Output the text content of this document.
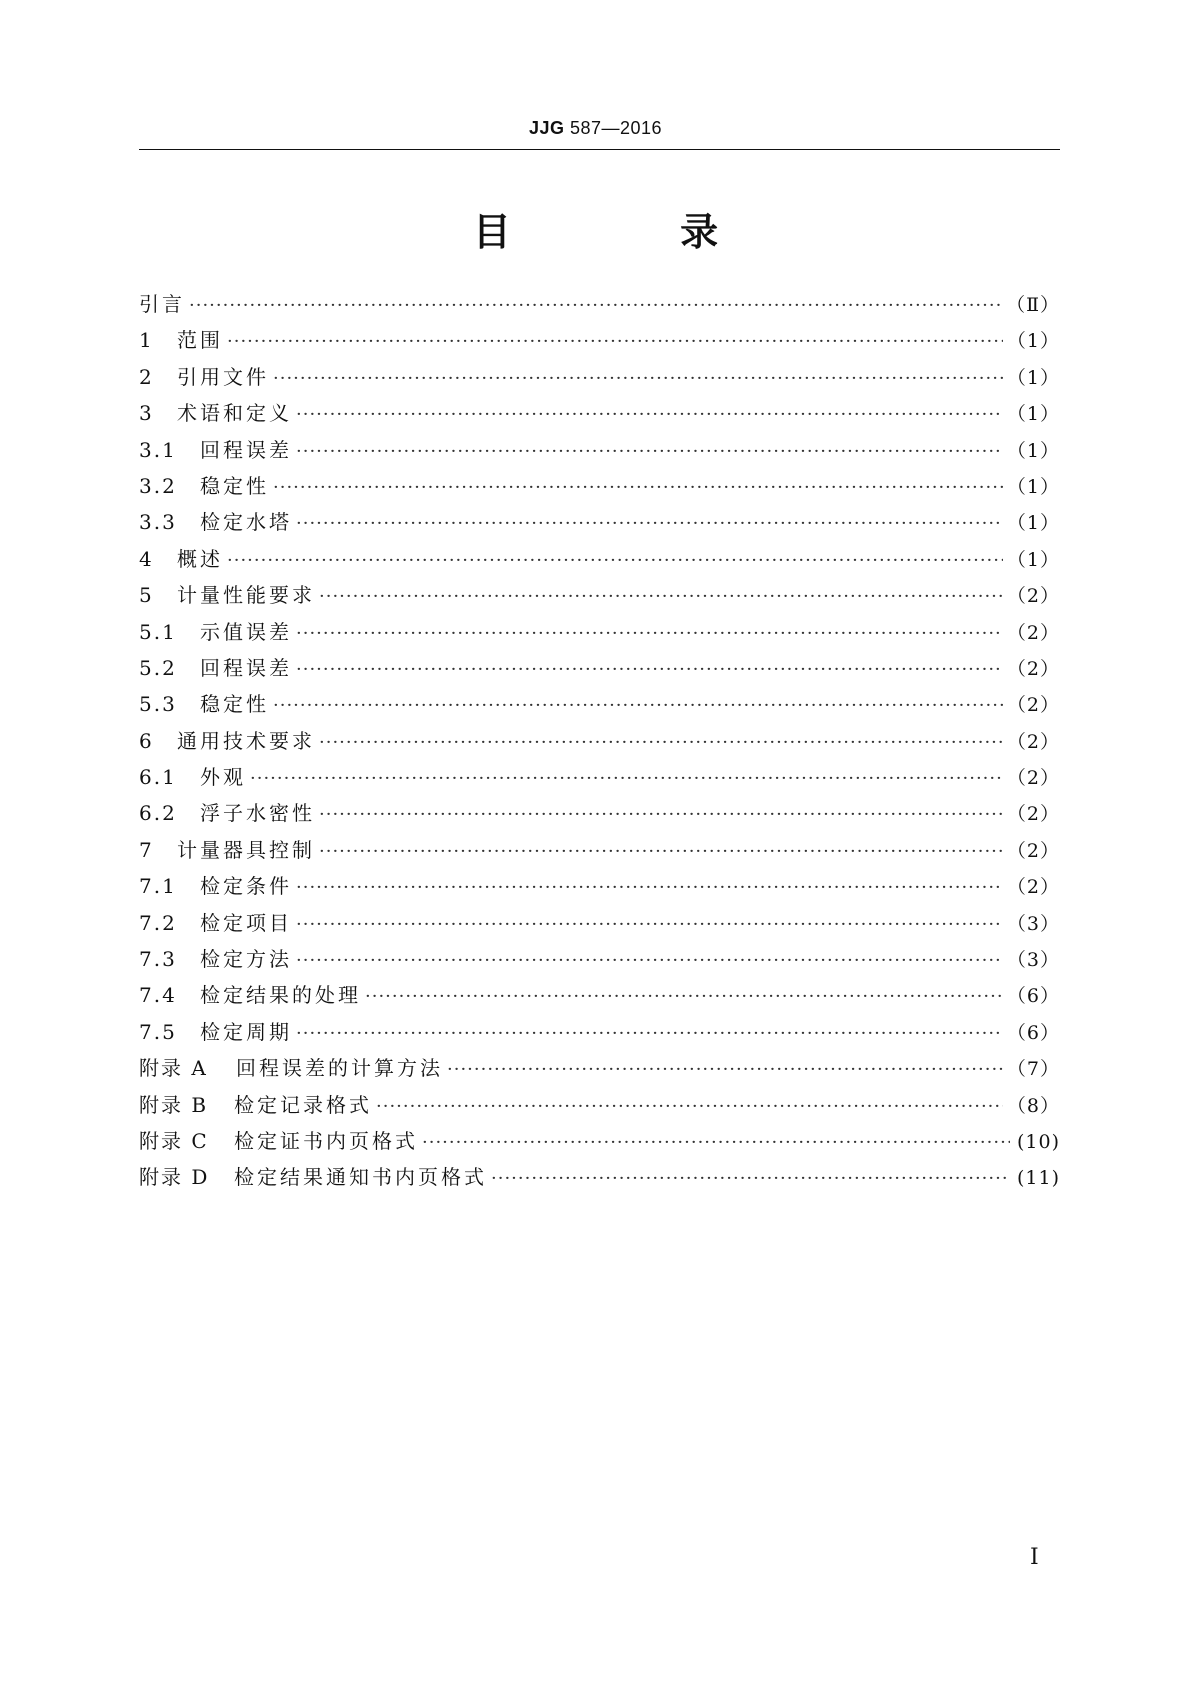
JJG 587—2016
目 录
引言 ·····	（Ⅱ）
1	范围 ·····	（1）
2	引用文件 ·····	（1）
3	术语和定义 ·····	（1）
3.1	回程误差 ·····	（1）
3.2	稳定性 ·····	（1）
3.3	检定水塔 ·····	（1）
4	概述 ·····	（1）
5	计量性能要求 ·····	（2）
5.1	示值误差 ·····	（2）
5.2	回程误差 ·····	（2）
5.3	稳定性 ·····	（2）
6	通用技术要求 ·····	（2）
6.1	外观 ·····	（2）
6.2	浮子水密性 ·····	（2）
7	计量器具控制 ·····	（2）
7.1	检定条件 ·····	（2）
7.2	检定项目 ·····	（3）
7.3	检定方法 ·····	（3）
7.4	检定结果的处理 ·····	（6）
7.5	检定周期 ·····	（6）
附录 A	回程误差的计算方法 ·····	（7）
附录 B	检定记录格式 ·····	（8）
附录 C	检定证书内页格式 ·····	(10)
附录 D	检定结果通知书内页格式 ·····	(11)
I
